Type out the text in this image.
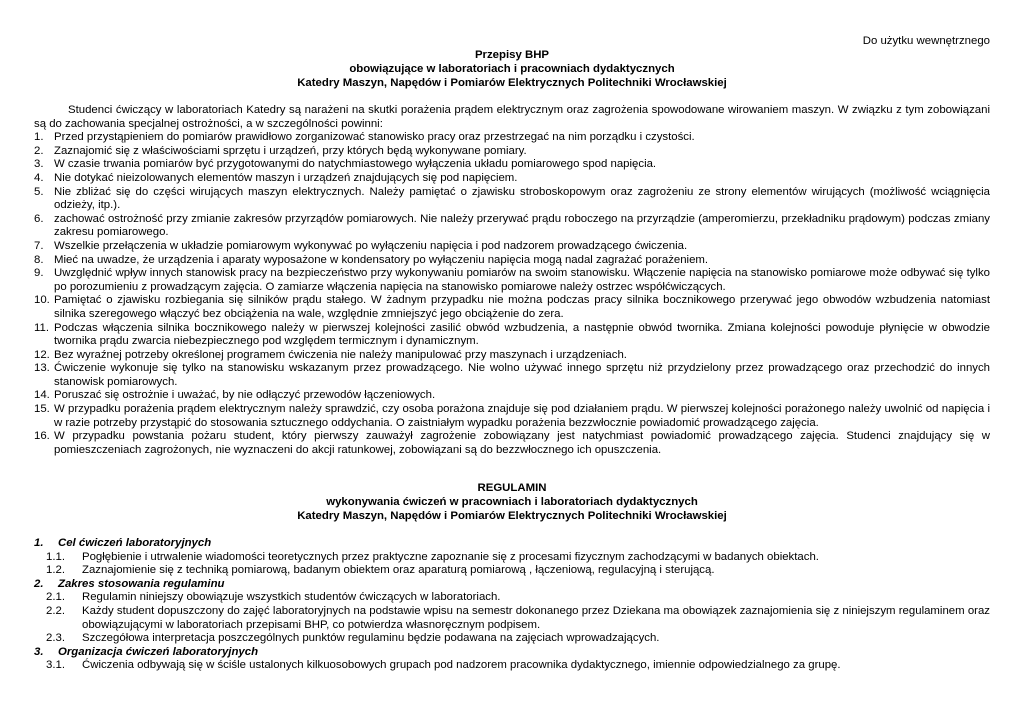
Do użytku wewnętrznego
Przepisy BHP
obowiązujące w laboratoriach i pracowniach dydaktycznych
Katedry Maszyn, Napędów i Pomiarów Elektrycznych Politechniki Wrocławskiej
Studenci ćwiczący w laboratoriach Katedry są narażeni na skutki porażenia prądem elektrycznym oraz zagrożenia spowodowane wirowaniem maszyn. W związku z tym zobowiązani są do zachowania specjalnej ostrożności, a w szczególności powinni:
1. Przed przystąpieniem do pomiarów prawidłowo zorganizować stanowisko pracy oraz przestrzegać na nim porządku i czystości.
2. Zaznajomić się z właściwościami sprzętu i urządzeń, przy których będą wykonywane pomiary.
3. W czasie trwania pomiarów być przygotowanymi do natychmiastowego wyłączenia układu pomiarowego spod napięcia.
4. Nie dotykać nieizolowanych elementów maszyn i urządzeń znajdujących się pod napięciem.
5. Nie zbliżać się do części wirujących maszyn elektrycznych. Należy pamiętać o zjawisku stroboskopowym oraz zagrożeniu ze strony elementów wirujących (możliwość wciągnięcia odzieży, itp.).
6. zachować ostrożność przy zmianie zakresów przyrządów pomiarowych. Nie należy przerywać prądu roboczego na przyrządzie (amperomierzu, przekładniku prądowym) podczas zmiany zakresu pomiarowego.
7. Wszelkie przełączenia w układzie pomiarowym wykonywać po wyłączeniu napięcia i pod nadzorem prowadzącego ćwiczenia.
8. Mieć na uwadze, że urządzenia i aparaty wyposażone w kondensatory po wyłączeniu napięcia mogą nadal zagrażać porażeniem.
9. Uwzględnić wpływ innych stanowisk pracy na bezpieczeństwo przy wykonywaniu pomiarów na swoim stanowisku. Włączenie napięcia na stanowisko pomiarowe może odbywać się tylko po porozumieniu z prowadzącym zajęcia. O zamiarze włączenia napięcia na stanowisko pomiarowe należy ostrzec współćwiczących.
10. Pamiętać o zjawisku rozbiegania się silników prądu stałego. W żadnym przypadku nie można podczas pracy silnika bocznikowego przerywać jego obwodów wzbudzenia natomiast silnika szeregowego włączyć bez obciążenia na wale, względnie zmniejszyć jego obciążenie do zera.
11. Podczas włączenia silnika bocznikowego należy w pierwszej kolejności zasilić obwód wzbudzenia, a następnie obwód twornika. Zmiana kolejności powoduje płynięcie w obwodzie twornika prądu zwarcia niebezpiecznego pod względem termicznym i dynamicznym.
12. Bez wyraźnej potrzeby określonej programem ćwiczenia nie należy manipulować przy maszynach i urządzeniach.
13. Ćwiczenie wykonuje się tylko na stanowisku wskazanym przez prowadzącego. Nie wolno używać innego sprzętu niż przydzielony przez prowadzącego oraz przechodzić do innych stanowisk pomiarowych.
14. Poruszać się ostrożnie i uważać, by nie odłączyć przewodów łączeniowych.
15. W przypadku porażenia prądem elektrycznym należy sprawdzić, czy osoba porażona znajduje się pod działaniem prądu. W pierwszej kolejności porażonego należy uwolnić od napięcia i w razie potrzeby przystąpić do stosowania sztucznego oddychania. O zaistniałym wypadku porażenia bezzwłocznie powiadomić prowadzącego zajęcia.
16. W przypadku powstania pożaru student, który pierwszy zauważył zagrożenie zobowiązany jest natychmiast powiadomić prowadzącego zajęcia. Studenci znajdujący się w pomieszczeniach zagrożonych, nie wyznaczeni do akcji ratunkowej, zobowiązani są do bezzwłocznego ich opuszczenia.
REGULAMIN
wykonywania ćwiczeń w pracowniach i laboratoriach dydaktycznych
Katedry Maszyn, Napędów i Pomiarów Elektrycznych Politechniki Wrocławskiej
1.	Cel ćwiczeń laboratoryjnych
1.1.	Pogłębienie i utrwalenie wiadomości teoretycznych przez praktyczne zapoznanie się z procesami fizycznym zachodzącymi w badanych obiektach.
1.2.	Zaznajomienie się z techniką pomiarową, badanym obiektem oraz aparaturą pomiarową , łączeniową, regulacyjną i sterującą.
2.	Zakres stosowania regulaminu
2.1.	Regulamin niniejszy obowiązuje wszystkich studentów ćwiczących w laboratoriach.
2.2.	Każdy student dopuszczony do zajęć laboratoryjnych na podstawie wpisu na semestr dokonanego przez Dziekana ma obowiązek zaznajomienia się z niniejszym regulaminem oraz obowiązującymi w laboratoriach przepisami BHP, co potwierdza własnoręcznym podpisem.
2.3.	Szczegółowa interpretacja poszczególnych punktów regulaminu będzie podawana na zajęciach wprowadzających.
3.	Organizacja ćwiczeń laboratoryjnych
3.1.	Ćwiczenia odbywają się w ściśle ustalonych kilkuosobowych grupach pod nadzorem pracownika dydaktycznego, imiennie odpowiedzialnego za grupę.
